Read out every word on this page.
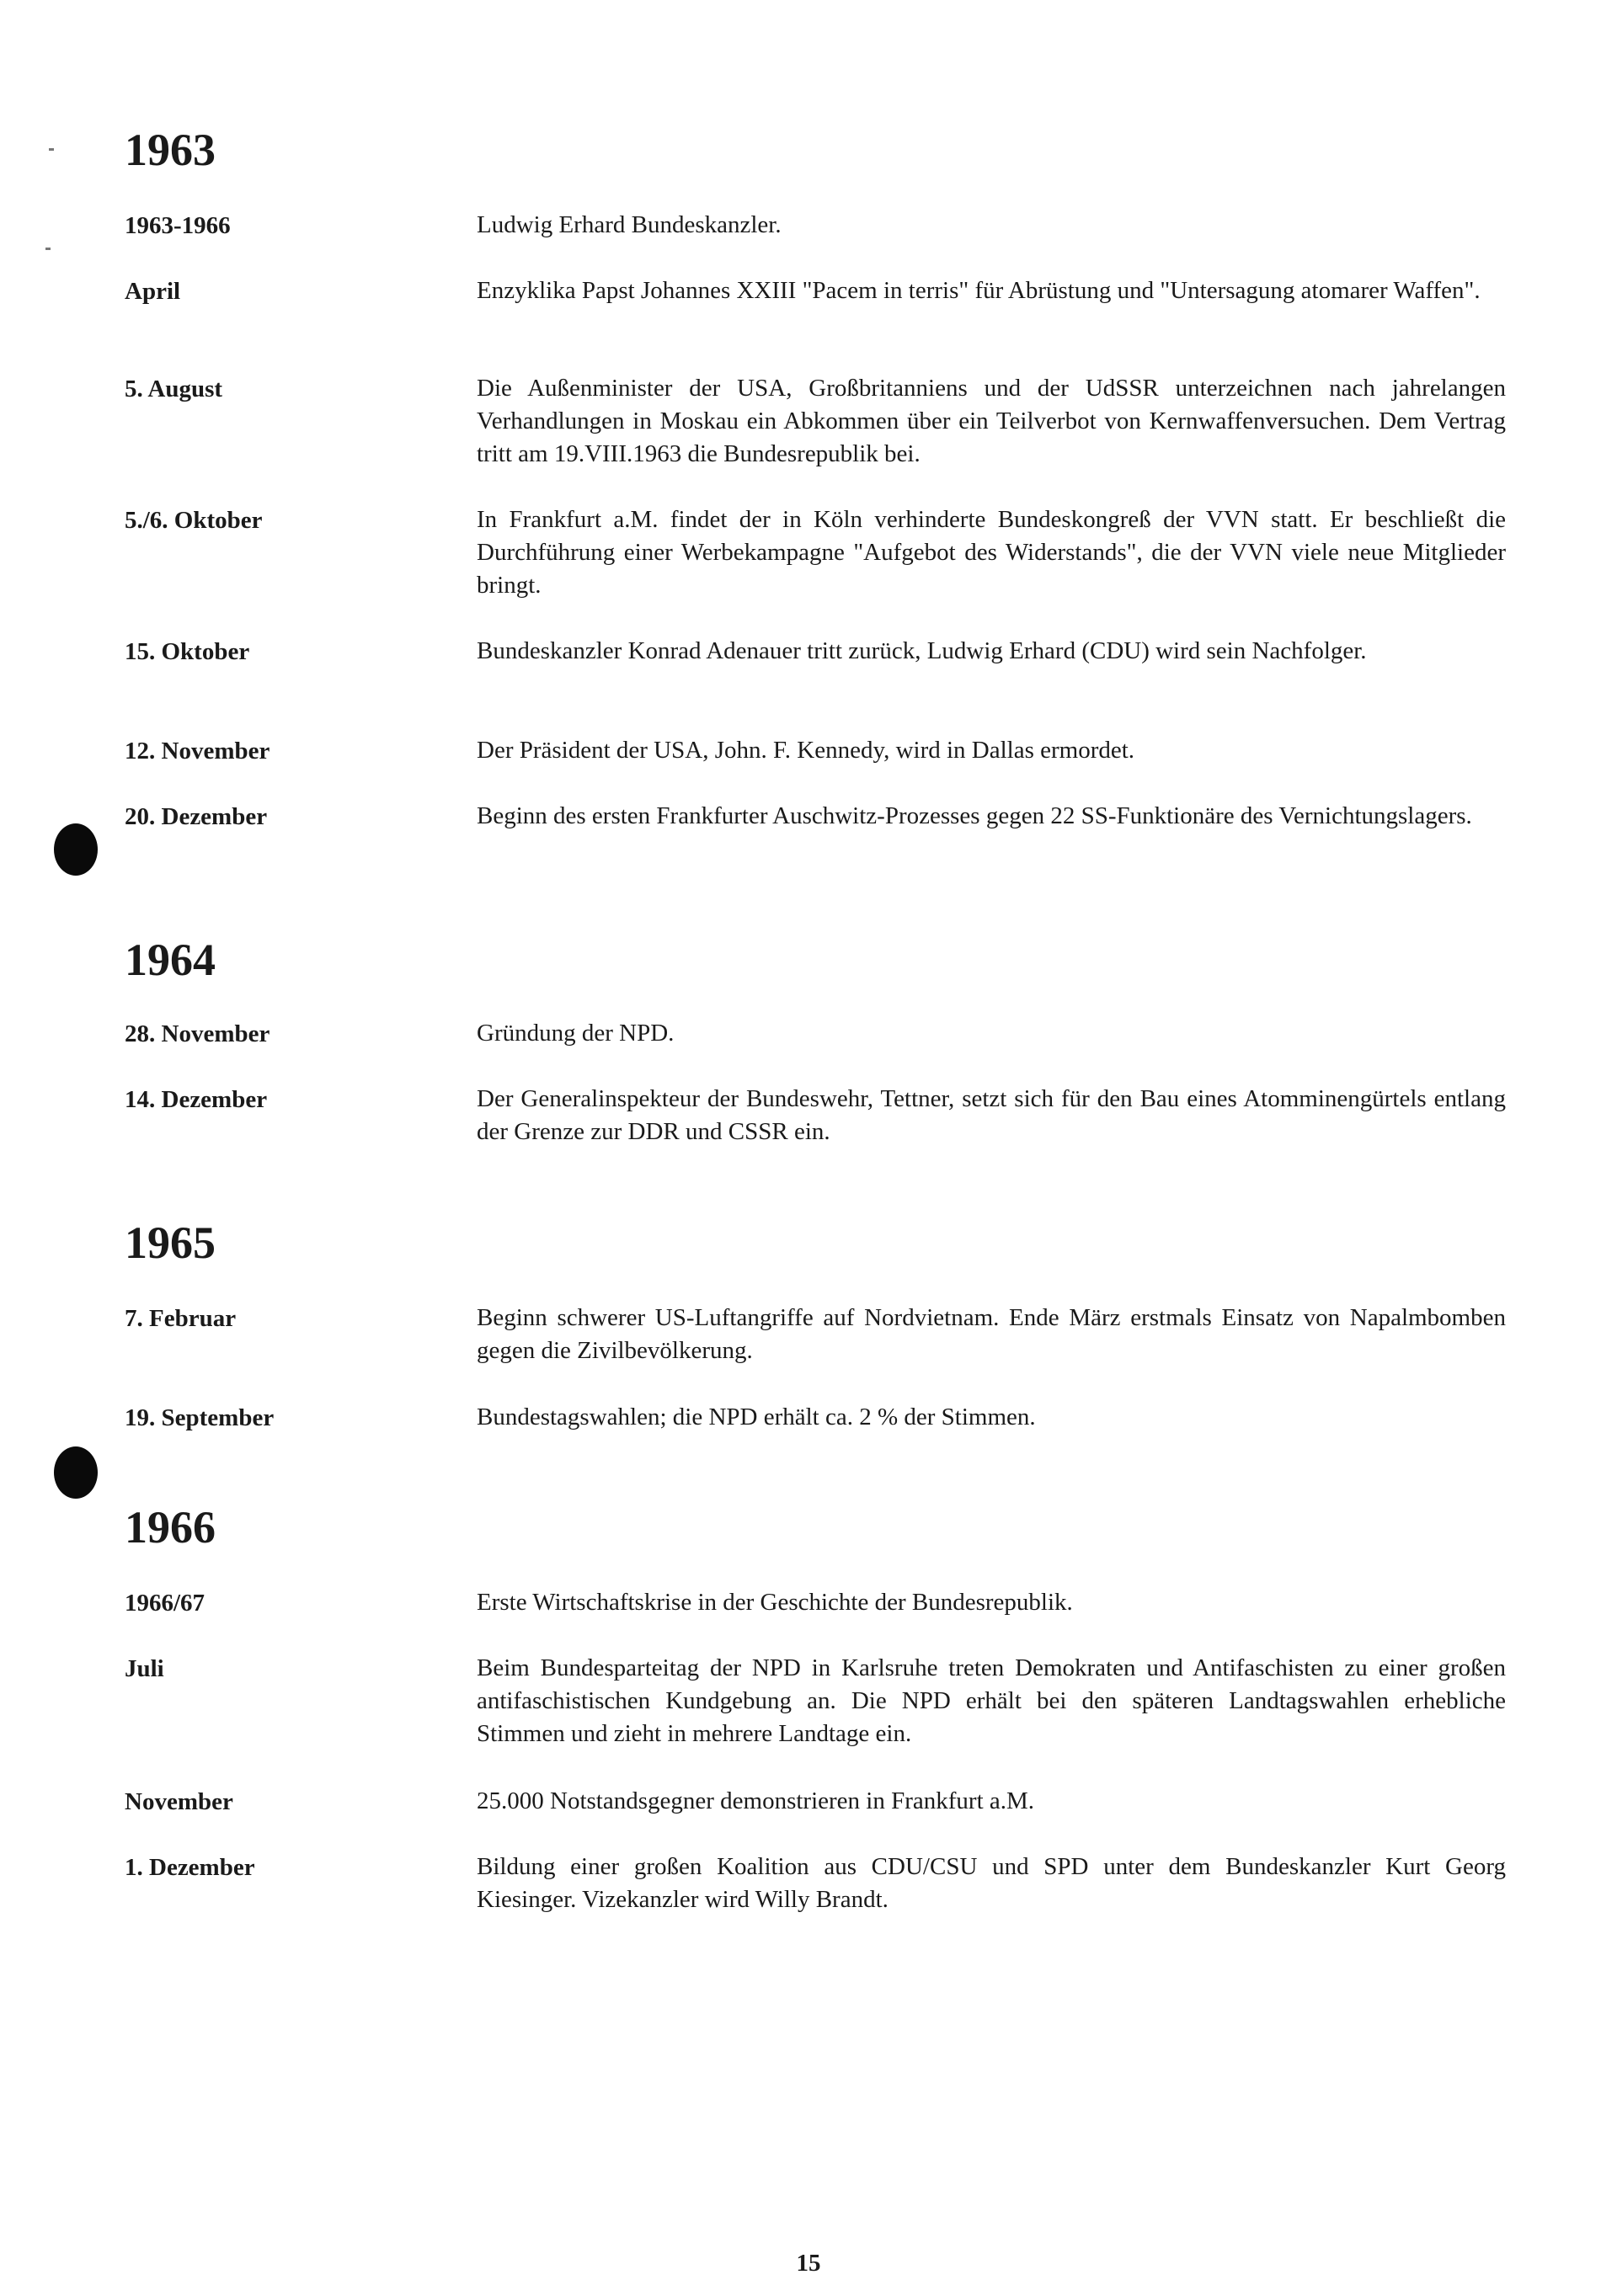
1963
1963-1966	Ludwig Erhard Bundeskanzler.
April	Enzyklika Papst Johannes XXIII "Pacem in terris" für Abrüstung und "Untersagung atomarer Waffen".
5. August	Die Außenminister der USA, Großbritanniens und der UdSSR unterzeichnen nach jahrelangen Verhandlungen in Moskau ein Abkommen über ein Teilverbot von Kernwaffenversuchen. Dem Vertrag tritt am 19.VIII.1963 die Bundesrepublik bei.
5./6. Oktober	In Frankfurt a.M. findet der in Köln verhinderte Bundeskongreß der VVN statt. Er beschließt die Durchführung einer Werbekampagne "Aufgebot des Widerstands", die der VVN viele neue Mitglieder bringt.
15. Oktober	Bundeskanzler Konrad Adenauer tritt zurück, Ludwig Erhard (CDU) wird sein Nachfolger.
12. November	Der Präsident der USA, John. F. Kennedy, wird in Dallas ermordet.
20. Dezember	Beginn des ersten Frankfurter Auschwitz-Prozesses gegen 22 SS-Funktionäre des Vernichtungslagers.
1964
28. November	Gründung der NPD.
14. Dezember	Der Generalinspekteur der Bundeswehr, Tettner, setzt sich für den Bau eines Atomminengürtels entlang der Grenze zur DDR und CSSR ein.
1965
7. Februar	Beginn schwerer US-Luftangriffe auf Nordvietnam. Ende März erstmals Einsatz von Napalmbomben gegen die Zivilbevölkerung.
19. September	Bundestagswahlen; die NPD erhält ca. 2 % der Stimmen.
1966
1966/67	Erste Wirtschaftskrise in der Geschichte der Bundesrepublik.
Juli	Beim Bundesparteitag der NPD in Karlsruhe treten Demokraten und Antifaschisten zu einer großen antifaschistischen Kundgebung an. Die NPD erhält bei den späteren Landtagswahlen erhebliche Stimmen und zieht in mehrere Landtage ein.
November	25.000 Notstandsgegner demonstrieren in Frankfurt a.M.
1. Dezember	Bildung einer großen Koalition aus CDU/CSU und SPD unter dem Bundeskanzler Kurt Georg Kiesinger. Vizekanzler wird Willy Brandt.
15
